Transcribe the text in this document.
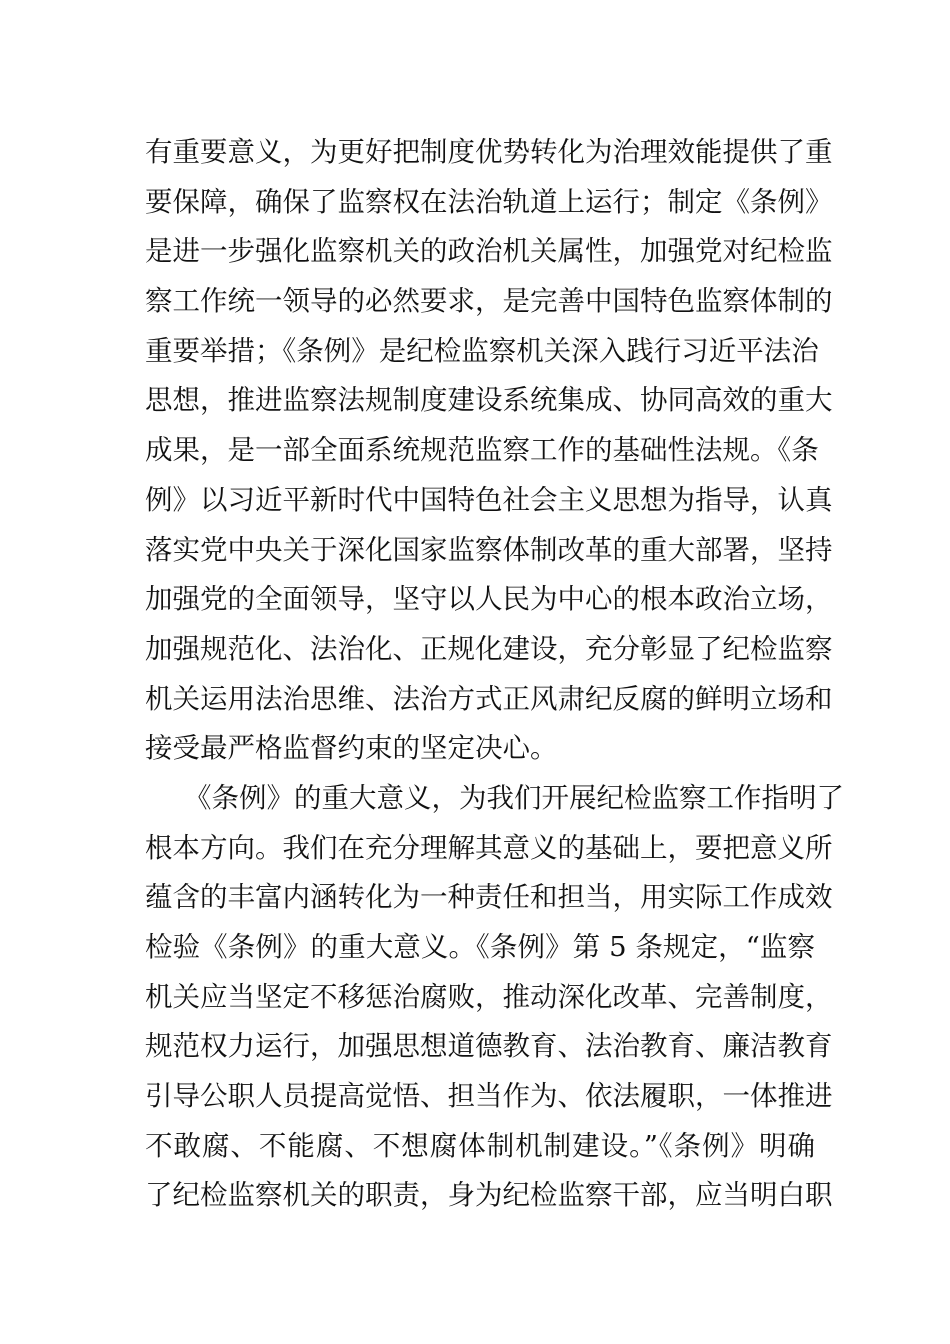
有重要意义，为更好把制度优势转化为治理效能提供了重
要保障，确保了监察权在法治轨道上运行；制定《条例》
是进一步强化监察机关的政治机关属性，加强党对纪检监
察工作统一领导的必然要求，是完善中国特色监察体制的
重要举措；《条例》是纪检监察机关深入践行习近平法治
思想，推进监察法规制度建设系统集成、协同高效的重大
成果，是一部全面系统规范监察工作的基础性法规。《条
例》以习近平新时代中国特色社会主义思想为指导，认真
落实党中央关于深化国家监察体制改革的重大部署，坚持
加强党的全面领导，坚守以人民为中心的根本政治立场，
加强规范化、法治化、正规化建设，充分彰显了纪检监察
机关运用法治思维、法治方式正风肃纪反腐的鲜明立场和
接受最严格监督约束的坚定决心。
《条例》的重大意义，为我们开展纪检监察工作指明了
根本方向。我们在充分理解其意义的基础上，要把意义所
蕴含的丰富内涵转化为一种责任和担当，用实际工作成效
检验《条例》的重大意义。《条例》第 5 条规定，“监察
机关应当坚定不移惩治腐败，推动深化改革、完善制度，
规范权力运行，加强思想道德教育、法治教育、廉洁教育
引导公职人员提高觉悟、担当作为、依法履职，一体推进
不敢腐、不能腐、不想腐体制机制建设。”《条例》明确
了纪检监察机关的职责，身为纪检监察干部，应当明白职
